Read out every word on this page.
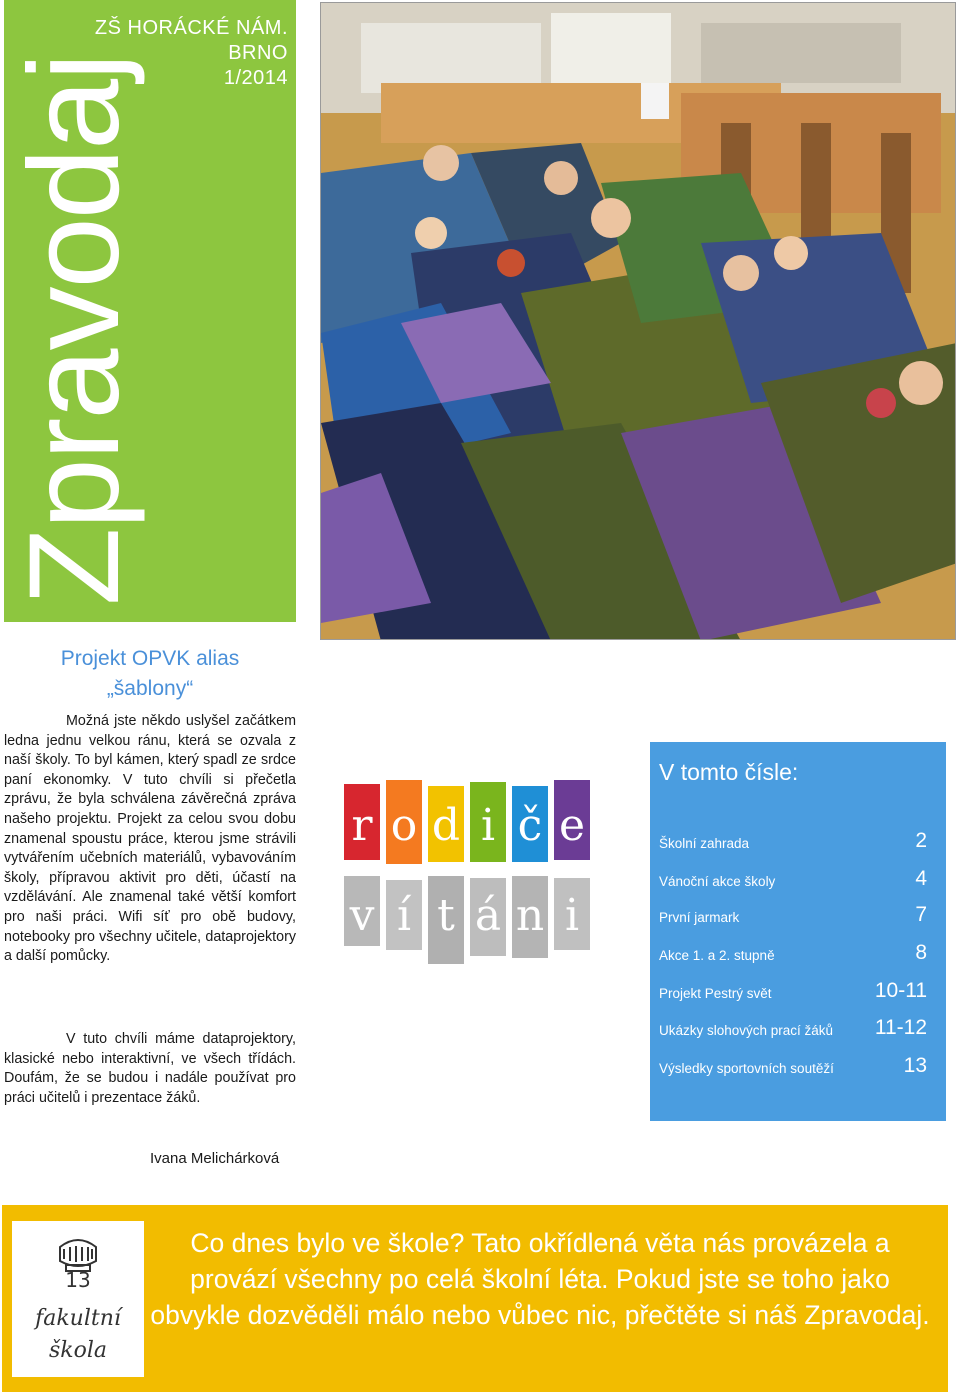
ZŠ HORÁCKÉ NÁM. BRNO
1/2014
Zpravodaj
Projekt OPVK alias
„šablony“
Možná jste někdo uslyšel začátkem ledna jednu velkou ránu, která se ozvala z naší školy. To byl kámen, který spadl ze srdce paní ekonomky. V tuto chvíli si přečetla zprávu, že byla schválena závěrečná zpráva našeho projektu. Projekt za celou svou dobu znamenal spoustu práce, kterou jsme strávili vytvářením učebních materiálů, vybavováním školy, přípravou aktivit pro děti, účastí na vzdělávání. Ale znamenal také větší komfort pro naši práci. Wifi síť pro obě budovy, notebooky pro všechny učitele, dataprojektory a další pomůcky.
V tuto chvíli máme dataprojektory, klasické nebo interaktivní, ve všech třídách. Doufám, že se budou i nadále používat pro práci učitelů i prezentace žáků.
Ivana Melichárková
r o d i č e
v í t á n i
V tomto čísle:
Školní zahrada	2
Vánoční akce školy	4
První jarmark	7
Akce 1. a 2. stupně	8
Projekt Pestrý svět	10-11
Ukázky slohových prací žáků 11-12
Výsledky sportovních soutěží	13
13
fakultní
škola
Co dnes bylo ve škole? Tato okřídlená věta nás provázela a provází všechny po celá školní léta. Pokud jste se toho jako obvykle dozvěděli málo nebo vůbec nic, přečtěte si náš Zpravodaj.
